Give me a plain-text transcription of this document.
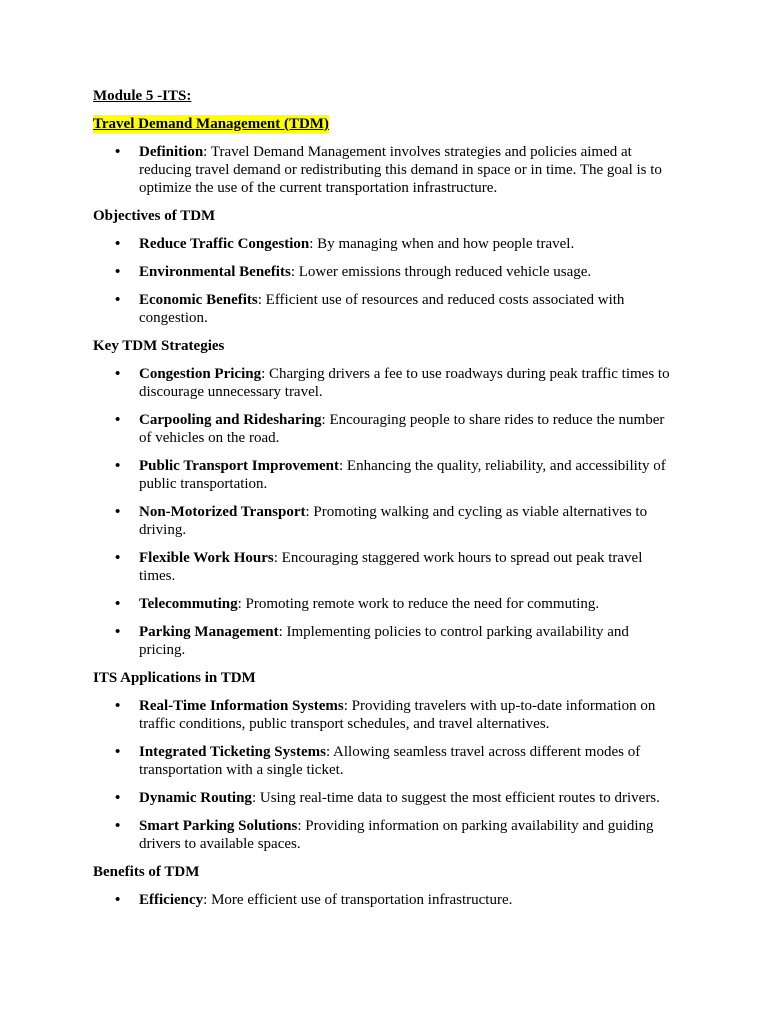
Module 5 -ITS:

Travel Demand Management (TDM)
• Definition: Travel Demand Management involves strategies and policies aimed at reducing travel demand or redistributing this demand in space or in time. The goal is to optimize the use of the current transportation infrastructure.

Objectives of TDM

• Reduce Traffic Congestion: By managing when and how people travel.
• Environmental Benefits: Lower emissions through reduced vehicle usage.
• Economic Benefits: Efficient use of resources and reduced costs associated with congestion.

Key TDM Strategies

• Congestion Pricing: Charging drivers a fee to use roadways during peak traffic times to discourage unnecessary travel.
• Carpooling and Ridesharing: Encouraging people to share rides to reduce the number of vehicles on the road.
• Public Transport Improvement: Enhancing the quality, reliability, and accessibility of public transportation.
• Non-Motorized Transport: Promoting walking and cycling as viable alternatives to driving.
• Flexible Work Hours: Encouraging staggered work hours to spread out peak travel times.
• Telecommuting: Promoting remote work to reduce the need for commuting.
• Parking Management: Implementing policies to control parking availability and pricing.

ITS Applications in TDM

• Real-Time Information Systems: Providing travelers with up-to-date information on traffic conditions, public transport schedules, and travel alternatives.
• Integrated Ticketing Systems: Allowing seamless travel across different modes of transportation with a single ticket.
• Dynamic Routing: Using real-time data to suggest the most efficient routes to drivers.
• Smart Parking Solutions: Providing information on parking availability and guiding drivers to available spaces.

Benefits of TDM

• Efficiency: More efficient use of transportation infrastructure.
